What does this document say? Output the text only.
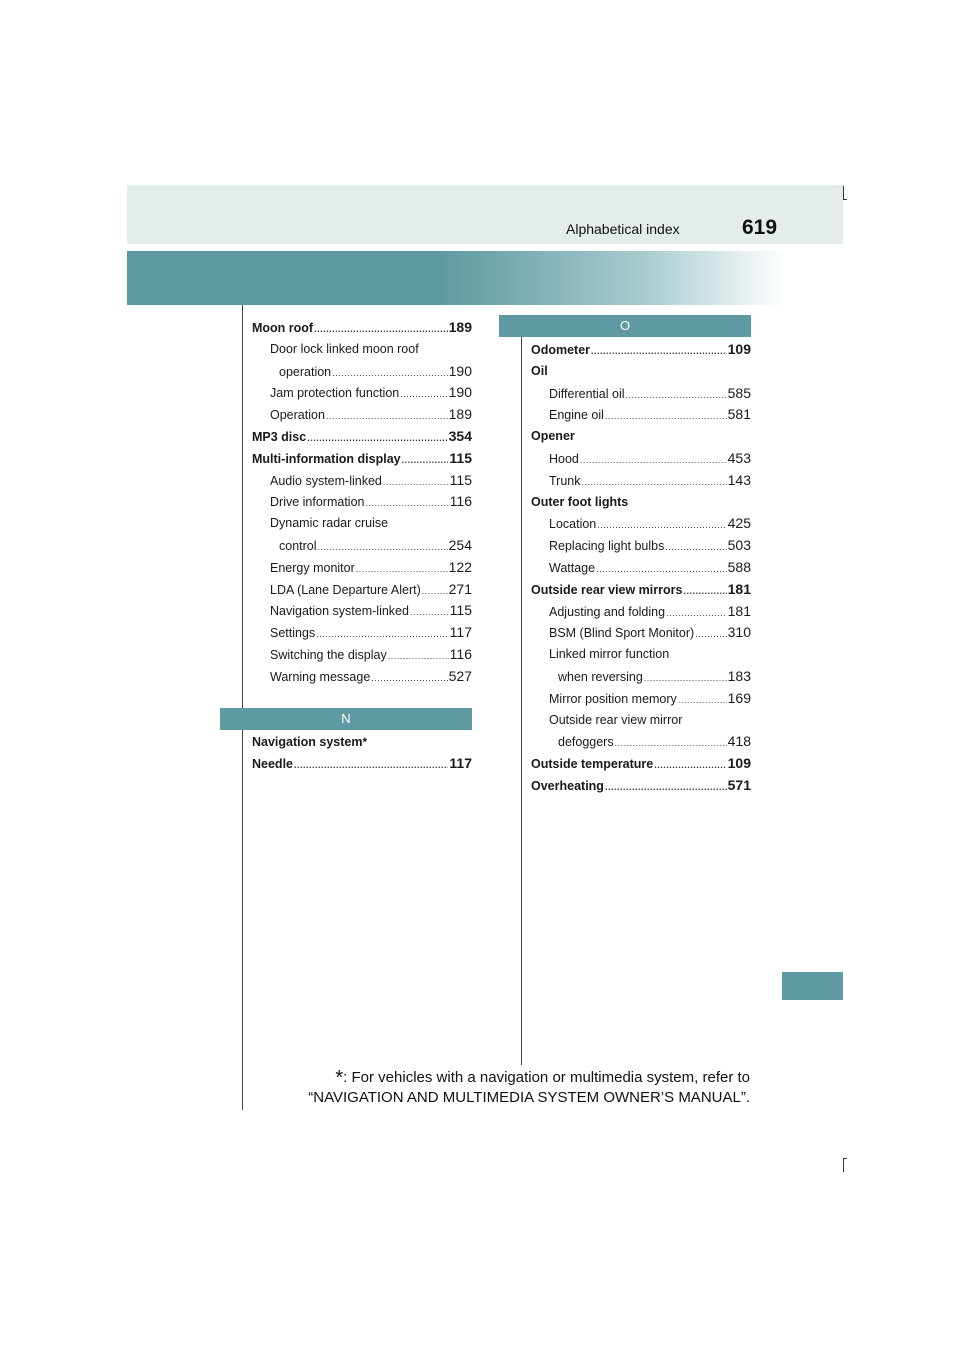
Alphabetical index	619
Moon roof .....	189
Door lock linked moon roof
operation .....	190
Jam protection function .....	190
Operation .....	189
MP3 disc .....	354
Multi-information display .....	115
Audio system-linked .....	115
Drive information .....	116
Dynamic radar cruise
control .....	254
Energy monitor .....	122
LDA (Lane Departure Alert) ..... 271
Navigation system-linked .....	115
Settings .....	117
Switching the display .....	116
Warning message .....	527
N
Navigation system *
Needle .....	117
O
Odometer .....	109
Oil
Differential oil .....	585
Engine oil .....	581
Opener
Hood .....	453
Trunk .....	143
Outer foot lights
Location .....	425
Replacing light bulbs .....	503
Wattage .....	588
Outside rear view mirrors .....	181
Adjusting and folding .....	181
BSM (Blind Sport Monitor) ..... 310
Linked mirror function
when reversing .....	183
Mirror position memory .....	169
Outside rear view mirror
defoggers .....	418
Outside temperature .....	109
Overheating .....	571
*: For vehicles with a navigation or multimedia system, refer to
“NAVIGATION AND MULTIMEDIA SYSTEM OWNER’S MANUAL”.
